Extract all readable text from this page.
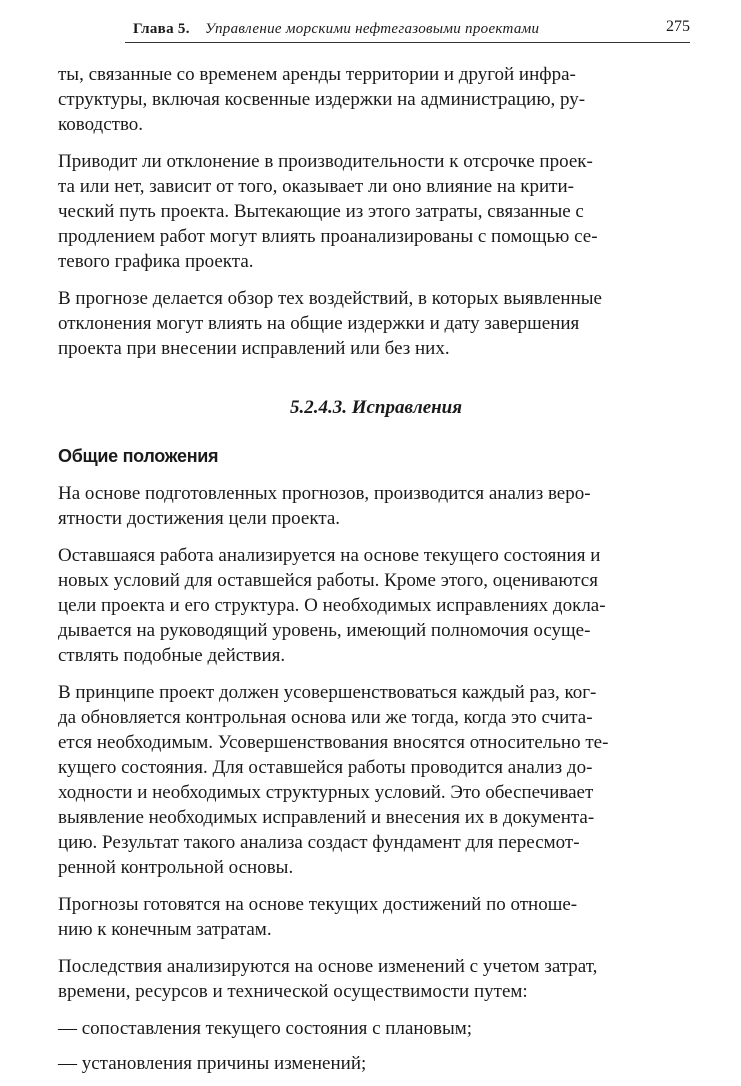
Глава 5. Управление морскими нефтегазовыми проектами	275

ты, связанные со временем аренды территории и другой инфра-
структуры, включая косвенные издержки на администрацию, ру-
ководство.

Приводит ли отклонение в производительности к отсрочке проек-
та или нет, зависит от того, оказывает ли оно влияние на крити-
ческий путь проекта. Вытекающие из этого затраты, связанные с
продлением работ могут влиять проанализированы с помощью се-
тевого графика проекта.

В прогнозе делается обзор тех воздействий, в которых выявленные
отклонения могут влиять на общие издержки и дату завершения
проекта при внесении исправлений или без них.

5.2.4.3. Исправления
Общие положения

На основе подготовленных прогнозов, производится анализ веро-
ятности достижения цели проекта.

Оставшаяся работа анализируется на основе текущего состояния и
новых условий для оставшейся работы. Кроме этого, оцениваются
цели проекта и его структура. О необходимых исправлениях докла-
дывается на руководящий уровень, имеющий полномочия осуще-
ствлять подобные действия.

В принципе проект должен усовершенствоваться каждый раз, ког-
да обновляется контрольная основа или же тогда, когда это счита-
ется необходимым. Усовершенствования вносятся относительно те-
кущего состояния. Для оставшейся работы проводится анализ до-
ходности и необходимых структурных условий. Это обеспечивает
выявление необходимых исправлений и внесения их в документа-
цию. Результат такого анализа создаст фундамент для пересмот-
ренной контрольной основы.

Прогнозы готовятся на основе текущих достижений по отноше-
нию к конечным затратам.

Последствия анализируются на основе изменений с учетом затрат,
времени, ресурсов и технической осуществимости путем:

— сопоставления текущего состояния с плановым;

— установления причины изменений;
